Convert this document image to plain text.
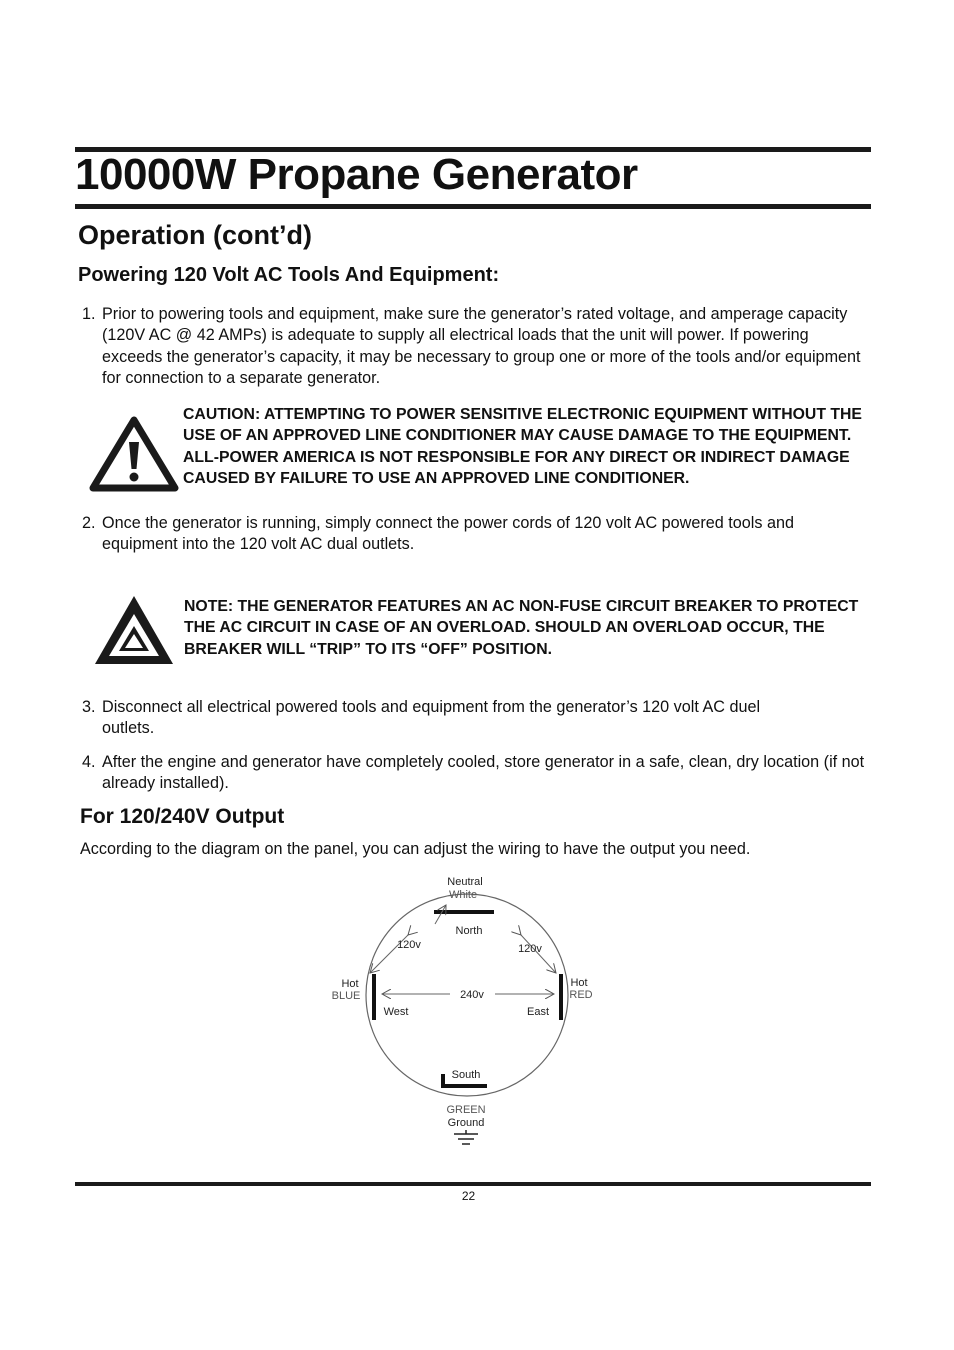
10000W Propane Generator
Operation (cont’d)
Powering 120 Volt AC Tools And Equipment:
1. Prior to powering tools and equipment, make sure the generator’s rated voltage, and amperage capacity (120V AC @ 42 AMPs) is adequate to supply all electrical loads that the unit will power. If powering exceeds the generator’s capacity, it may be necessary to group one or more of the tools and/or equipment for connection to a separate generator.
CAUTION: ATTEMPTING TO POWER SENSITIVE ELECTRONIC EQUIPMENT WITHOUT THE USE OF AN APPROVED LINE CONDITIONER MAY CAUSE DAMAGE TO THE EQUIPMENT. ALL-POWER AMERICA IS NOT RESPONSIBLE FOR ANY DIRECT OR INDIRECT DAMAGE CAUSED BY FAILURE TO USE AN APPROVED LINE CONDITIONER.
2. Once the generator is running, simply connect the power cords of 120 volt AC powered tools and equipment into the 120 volt AC dual outlets.
NOTE: THE GENERATOR FEATURES AN AC NON-FUSE CIRCUIT BREAKER TO PROTECT THE AC CIRCUIT IN CASE OF AN OVERLOAD. SHOULD AN OVERLOAD OCCUR, THE BREAKER WILL “TRIP” TO ITS “OFF” POSITION.
3. Disconnect all electrical powered tools and equipment from the generator’s 120 volt AC duel outlets.
4. After the engine and generator have completely cooled, store generator in a safe, clean, dry location (if not already installed).
For 120/240V Output
According to the diagram on the panel, you can adjust the wiring to have the output you need.
Neutral
White
North
120v	120v
Hot
BLUE
Hot
RED
240v
West	East
South
GREEN
Ground
22
